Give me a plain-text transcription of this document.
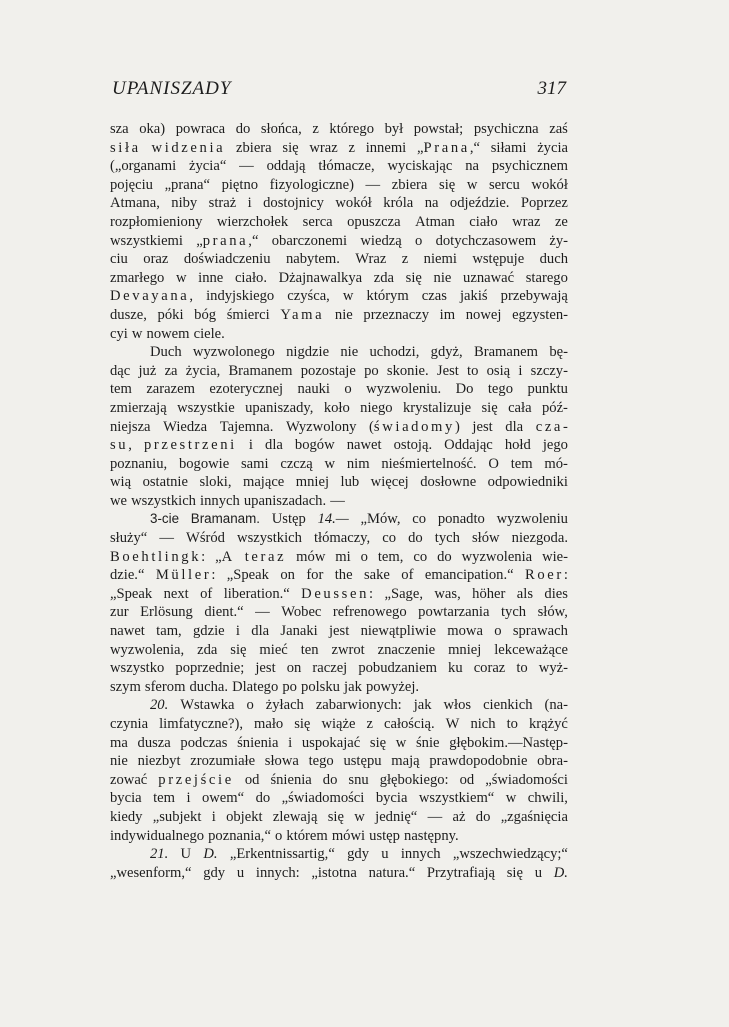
UPANISZADY	317
sza oka) powraca do słońca, z którego był powstał; psychiczna zaś
siła widzenia zbiera się wraz z innemi „Prana,“ siłami życia
(„organami życia“ — oddają tłómacze, wyciskając na psychicznem
pojęciu „prana“ piętno fizyologiczne) — zbiera się w sercu wokół
Atmana, niby straż i dostojnicy wokół króla na odjeździe. Poprzez
rozpłomieniony wierzchołek serca opuszcza Atman ciało wraz ze
wszystkiemi „prana,“ obarczonemi wiedzą o dotychczasowem ży-
ciu oraz doświadczeniu nabytem. Wraz z niemi wstępuje duch
zmarłego w inne ciało. Dżajnawalkya zda się nie uznawać starego
Devayana, indyjskiego czyśca, w którym czas jakiś przebywają
dusze, póki bóg śmierci Yama nie przeznaczy im nowej egzysten-
cyi w nowem ciele.
Duch wyzwolonego nigdzie nie uchodzi, gdyż, Bramanem bę-
dąc już za życia, Bramanem pozostaje po skonie. Jest to osią i szczy-
tem zarazem ezoterycznej nauki o wyzwoleniu. Do tego punktu
zmierzają wszystkie upaniszady, koło niego krystalizuje się cała póź-
niejsza Wiedza Tajemna. Wyzwolony (świadomy) jest dla cza-
su, przestrzeni i dla bogów nawet ostoją. Oddając hołd jego
poznaniu, bogowie sami czczą w nim nieśmiertelność. O tem mó-
wią ostatnie sloki, mające mniej lub więcej dosłowne odpowiedniki
we wszystkich innych upaniszadach. —
3-cie Bramanam. Ustęp 14.— „Mów, co ponadto wyzwoleniu
służy“ — Wśród wszystkich tłómaczy, co do tych słów niezgoda.
Boehtlingk: „A teraz mów mi o tem, co do wyzwolenia wie-
dzie.“ Müller: „Speak on for the sake of emancipation.“ Roer:
„Speak next of liberation.“ Deussen: „Sage, was, höher als dies
zur Erlösung dient.“ — Wobec refrenowego powtarzania tych słów,
nawet tam, gdzie i dla Janaki jest niewątpliwie mowa o sprawach
wyzwolenia, zda się mieć ten zwrot znaczenie mniej lekceważące
wszystko poprzednie; jest on raczej pobudzaniem ku coraz to wyż-
szym sferom ducha. Dlatego po polsku jak powyżej.
20. Wstawka o żyłach zabarwionych: jak włos cienkich (na-
czynia limfatyczne?), mało się wiąże z całością. W nich to krążyć
ma dusza podczas śnienia i uspokajać się w śnie głębokim.—Następ-
nie niezbyt zrozumiałe słowa tego ustępu mają prawdopodobnie obra-
zować przejście od śnienia do snu głębokiego: od „świadomości
bycia tem i owem“ do „świadomości bycia wszystkiem“ w chwili,
kiedy „subjekt i objekt zlewają się w jednię“ — aż do „zgaśnięcia
indywidualnego poznania,“ o którem mówi ustęp następny.
21. U D. „Erkentnissartig,“ gdy u innych „wszechwiedzący;“
„wesenform,“ gdy u innych: „istotna natura.“ Przytrafiają się u D.
